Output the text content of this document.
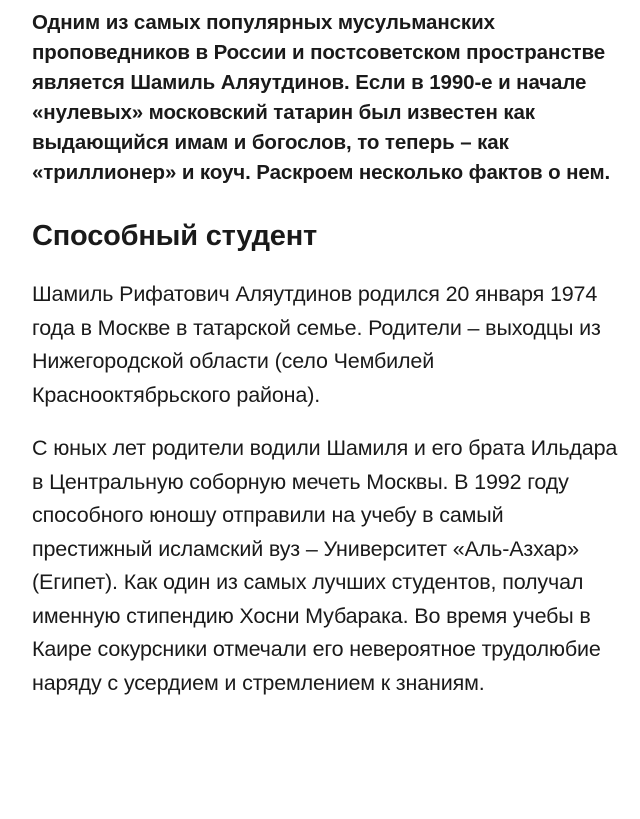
Одним из самых популярных мусульманских проповедников в России и постсоветском пространстве является Шамиль Аляутдинов. Если в 1990-е и начале «нулевых» московский татарин был известен как выдающийся имам и богослов, то теперь – как «триллионер» и коуч. Раскроем несколько фактов о нем.

Способный студент

Шамиль Рифатович Аляутдинов родился 20 января 1974 года в Москве в татарской семье. Родители – выходцы из Нижегородской области (село Чембилей Краснооктябрьского района).

С юных лет родители водили Шамиля и его брата Ильдара в Центральную соборную мечеть Москвы. В 1992 году способного юношу отправили на учебу в самый престижный исламский вуз – Университет «Аль-Азхар» (Египет). Как один из самых лучших студентов, получал именную стипендию Хосни Мубарака. Во время учебы в Каире сокурсники отмечали его невероятное трудолюбие наряду с усердием и стремлением к знаниям.
